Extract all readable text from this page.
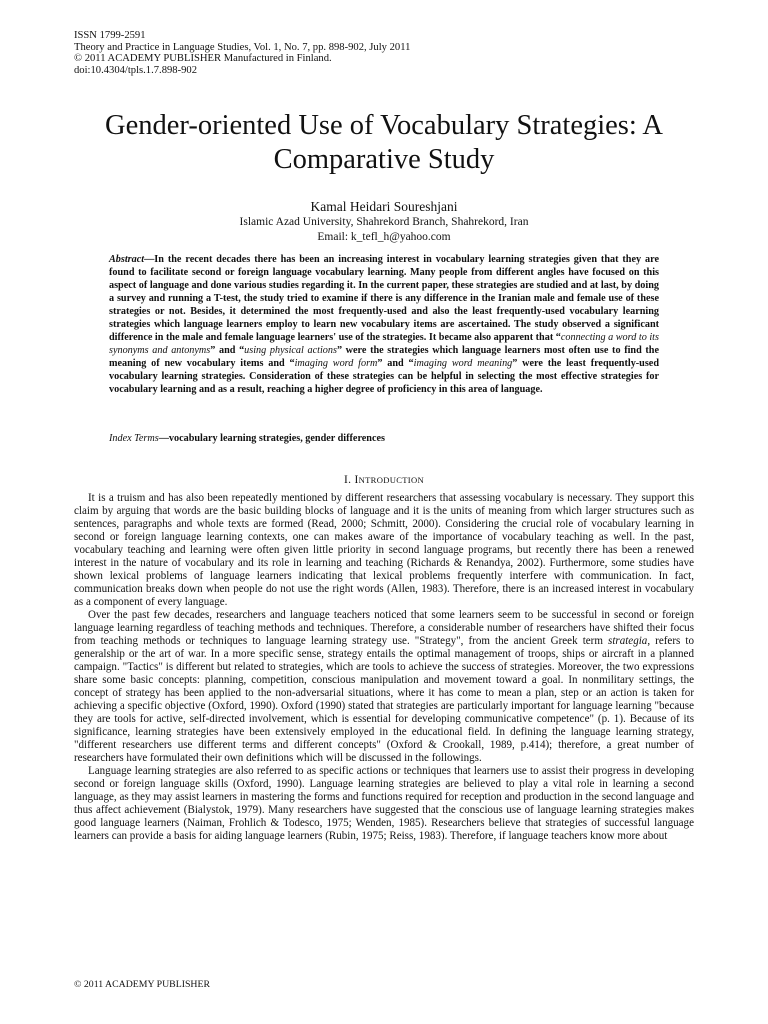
ISSN 1799-2591
Theory and Practice in Language Studies, Vol. 1, No. 7, pp. 898-902, July 2011
© 2011 ACADEMY PUBLISHER Manufactured in Finland.
doi:10.4304/tpls.1.7.898-902
Gender-oriented Use of Vocabulary Strategies: A Comparative Study
Kamal Heidari Soureshjani
Islamic Azad University, Shahrekord Branch, Shahrekord, Iran
Email: k_tefl_h@yahoo.com
Abstract—In the recent decades there has been an increasing interest in vocabulary learning strategies given that they are found to facilitate second or foreign language vocabulary learning. Many people from different angles have focused on this aspect of language and done various studies regarding it. In the current paper, these strategies are studied and at last, by doing a survey and running a T-test, the study tried to examine if there is any difference in the Iranian male and female use of these strategies or not. Besides, it determined the most frequently-used and also the least frequently-used vocabulary learning strategies which language learners employ to learn new vocabulary items are ascertained. The study observed a significant difference in the male and female language learners' use of the strategies. It became also apparent that “connecting a word to its synonyms and antonyms” and “using physical actions” were the strategies which language learners most often use to find the meaning of new vocabulary items and “imaging word form” and “imaging word meaning” were the least frequently-used vocabulary learning strategies. Consideration of these strategies can be helpful in selecting the most effective strategies for vocabulary learning and as a result, reaching a higher degree of proficiency in this area of language.
Index Terms—vocabulary learning strategies, gender differences
I. INTRODUCTION

It is a truism and has also been repeatedly mentioned by different researchers that assessing vocabulary is necessary. They support this claim by arguing that words are the basic building blocks of language and it is the units of meaning from which larger structures such as sentences, paragraphs and whole texts are formed (Read, 2000; Schmitt, 2000). Considering the crucial role of vocabulary learning in second or foreign language learning contexts, one can makes aware of the importance of vocabulary teaching as well. In the past, vocabulary teaching and learning were often given little priority in second language programs, but recently there has been a renewed interest in the nature of vocabulary and its role in learning and teaching (Richards & Renandya, 2002). Furthermore, some studies have shown lexical problems of language learners indicating that lexical problems frequently interfere with communication. In fact, communication breaks down when people do not use the right words (Allen, 1983). Therefore, there is an increased interest in vocabulary as a component of every language.

Over the past few decades, researchers and language teachers noticed that some learners seem to be successful in second or foreign language learning regardless of teaching methods and techniques. Therefore, a considerable number of researchers have shifted their focus from teaching methods or techniques to language learning strategy use. "Strategy", from the ancient Greek term strategia, refers to generalship or the art of war. In a more specific sense, strategy entails the optimal management of troops, ships or aircraft in a planned campaign. "Tactics" is different but related to strategies, which are tools to achieve the success of strategies. Moreover, the two expressions share some basic concepts: planning, competition, conscious manipulation and movement toward a goal. In nonmilitary settings, the concept of strategy has been applied to the non-adversarial situations, where it has come to mean a plan, step or an action is taken for achieving a specific objective (Oxford, 1990). Oxford (1990) stated that strategies are particularly important for language learning "because they are tools for active, self-directed involvement, which is essential for developing communicative competence" (p. 1). Because of its significance, learning strategies have been extensively employed in the educational field. In defining the language learning strategy, "different researchers use different terms and different concepts" (Oxford & Crookall, 1989, p.414); therefore, a great number of researchers have formulated their own definitions which will be discussed in the followings.

Language learning strategies are also referred to as specific actions or techniques that learners use to assist their progress in developing second or foreign language skills (Oxford, 1990). Language learning strategies are believed to play a vital role in learning a second language, as they may assist learners in mastering the forms and functions required for reception and production in the second language and thus affect achievement (Bialystok, 1979). Many researchers have suggested that the conscious use of language learning strategies makes good language learners (Naiman, Frohlich & Todesco, 1975; Wenden, 1985). Researchers believe that strategies of successful language learners can provide a basis for aiding language learners (Rubin, 1975; Reiss, 1983). Therefore, if language teachers know more about

© 2011 ACADEMY PUBLISHER
